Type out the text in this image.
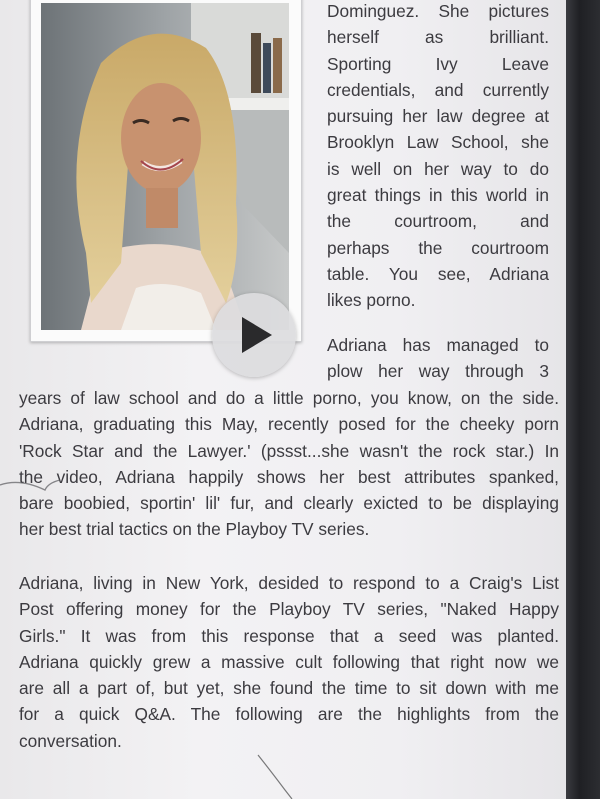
Dominguez. She pictures
herself as brilliant.
Sporting Ivy Leave
credentials, and currently
pursuing her law degree at
Brooklyn Law School, she
is well on her way to do
great things in this world in
the courtroom, and
perhaps the courtroom
table. You see, Adriana
likes porno.
Adriana has managed to
plow her way through 3
years of law school and do a little porno, you know, on the side.
Adriana, graduating this May, recently posed for the cheeky porn
'Rock Star and the Lawyer.' (pssst...she wasn't the rock star.) In
the video, Adriana happily shows her best attributes spanked,
bare boobied, sportin' lil' fur, and clearly exicted to be displaying
her best trial tactics on the Playboy TV series.
Adriana, living in New York, desided to respond to a Craig's List
Post offering money for the Playboy TV series, "Naked Happy
Girls." It was from this response that a seed was planted.
Adriana quickly grew a massive cult following that right now we
are all a part of, but yet, she found the time to sit down with me
for a quick Q&A. The following are the highlights from the
conversation.
